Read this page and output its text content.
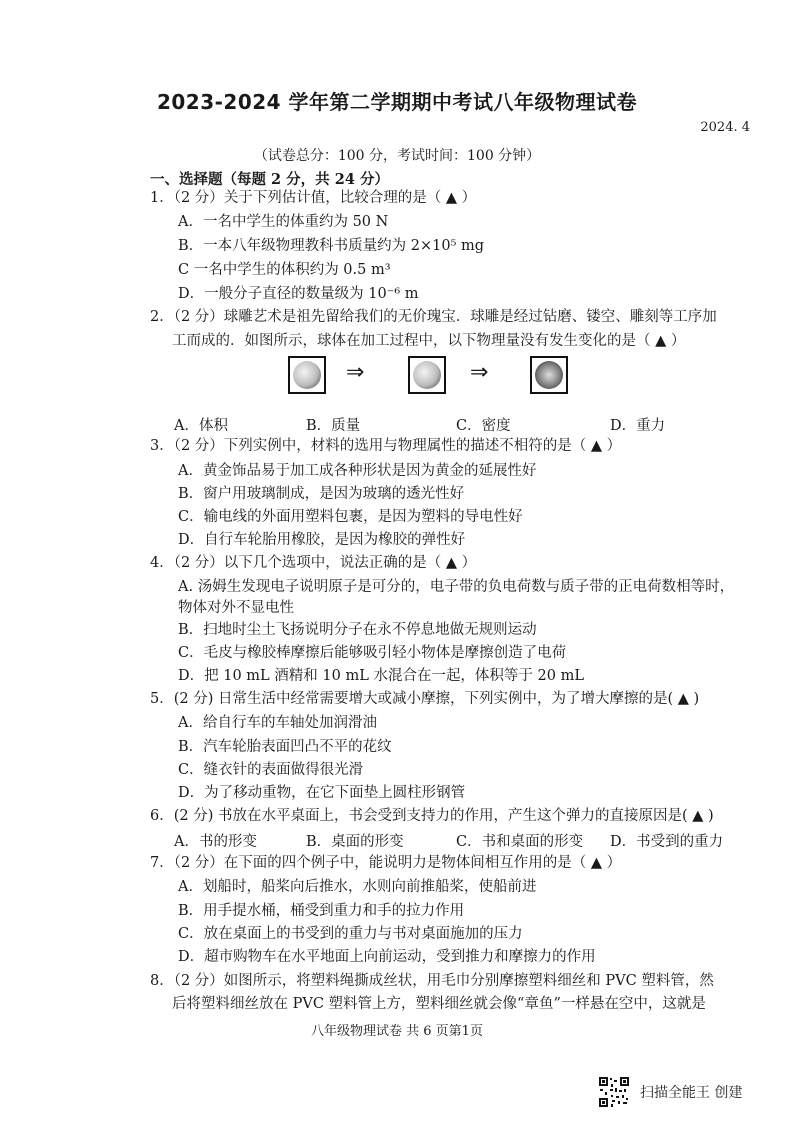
2023-2024 学年第二学期期中考试八年级物理试卷
2024. 4
（试卷总分：100 分，考试时间：100 分钟）
一、选择题（每题 2 分，共 24 分）
1．（2 分）关于下列估计值，比较合理的是（ ▲ ）
A．一名中学生的体重约为 50 N
B．一本八年级物理教科书质量约为 2×10⁵ mg
C 一名中学生的体积约为 0.5 m³
D．一般分子直径的数量级为 10⁻⁶ m
2．（2 分）球雕艺术是祖先留给我们的无价瑰宝．球雕是经过钻磨、镂空、雕刻等工序加
工而成的．如图所示，球体在加工过程中，以下物理量没有发生变化的是（ ▲ ）
⇒	⇒
A．体积	B．质量	C．密度	D．重力
3．（2 分）下列实例中，材料的选用与物理属性的描述不相符的是（ ▲ ）
A．黄金饰品易于加工成各种形状是因为黄金的延展性好
B．窗户用玻璃制成，是因为玻璃的透光性好
C．输电线的外面用塑料包裹，是因为塑料的导电性好
D．自行车轮胎用橡胶，是因为橡胶的弹性好
4．（2 分）以下几个选项中，说法正确的是（ ▲ ）
A. 汤姆生发现电子说明原子是可分的，电子带的负电荷数与质子带的正电荷数相等时，
物体对外不显电性
B．扫地时尘土飞扬说明分子在永不停息地做无规则运动
C．毛皮与橡胶棒摩擦后能够吸引轻小物体是摩擦创造了电荷
D．把 10 mL 酒精和 10 mL 水混合在一起，体积等于 20 mL
5．(2 分) 日常生活中经常需要增大或减小摩擦，下列实例中，为了增大摩擦的是( ▲ )
A．给自行车的车轴处加润滑油
B．汽车轮胎表面凹凸不平的花纹
C．缝衣针的表面做得很光滑
D．为了移动重物，在它下面垫上圆柱形钢管
6．(2 分) 书放在水平桌面上，书会受到支持力的作用，产生这个弹力的直接原因是( ▲ )
A．书的形变	B．桌面的形变	C．书和桌面的形变 D．书受到的重力
7．（2 分）在下面的四个例子中，能说明力是物体间相互作用的是（ ▲ ）
A．划船时，船桨向后推水，水则向前推船桨，使船前进
B．用手提水桶，桶受到重力和手的拉力作用
C．放在桌面上的书受到的重力与书对桌面施加的压力
D．超市购物车在水平地面上向前运动，受到推力和摩擦力的作用
8．（2 分）如图所示，将塑料绳撕成丝状，用毛巾分别摩擦塑料细丝和 PVC 塑料管，然
后将塑料细丝放在 PVC 塑料管上方，塑料细丝就会像“章鱼”一样悬在空中，这就是
八年级物理试卷 共 6 页第1页
扫描全能王 创建
